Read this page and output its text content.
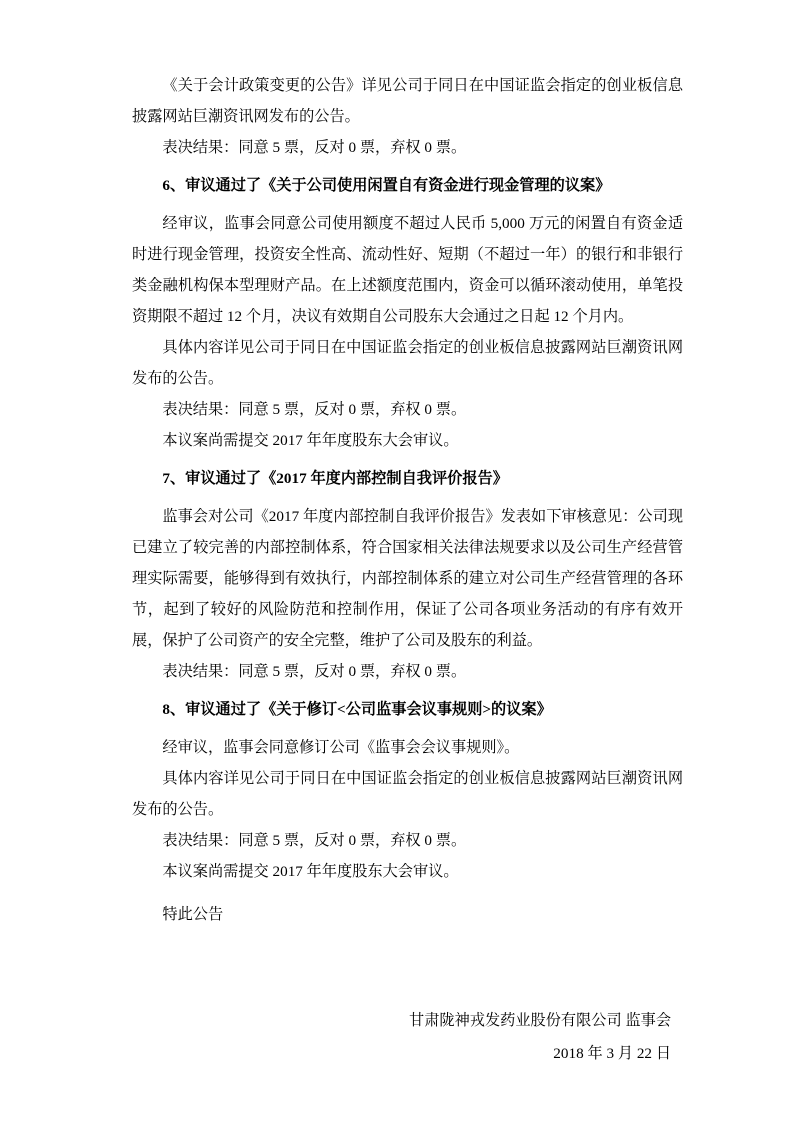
《关于会计政策变更的公告》详见公司于同日在中国证监会指定的创业板信息披露网站巨潮资讯网发布的公告。

表决结果：同意 5 票，反对 0 票，弃权 0 票。

6、审议通过了《关于公司使用闲置自有资金进行现金管理的议案》

经审议，监事会同意公司使用额度不超过人民币 5,000 万元的闲置自有资金适时进行现金管理，投资安全性高、流动性好、短期（不超过一年）的银行和非银行类金融机构保本型理财产品。在上述额度范围内，资金可以循环滚动使用，单笔投资期限不超过 12 个月，决议有效期自公司股东大会通过之日起 12 个月内。

具体内容详见公司于同日在中国证监会指定的创业板信息披露网站巨潮资讯网发布的公告。

表决结果：同意 5 票，反对 0 票，弃权 0 票。

本议案尚需提交 2017 年年度股东大会审议。

7、审议通过了《2017 年度内部控制自我评价报告》

监事会对公司《2017 年度内部控制自我评价报告》发表如下审核意见：公司现已建立了较完善的内部控制体系，符合国家相关法律法规要求以及公司生产经营管理实际需要，能够得到有效执行，内部控制体系的建立对公司生产经营管理的各环节，起到了较好的风险防范和控制作用，保证了公司各项业务活动的有序有效开展，保护了公司资产的安全完整，维护了公司及股东的利益。

表决结果：同意 5 票，反对 0 票，弃权 0 票。

8、审议通过了《关于修订<公司监事会议事规则>的议案》

经审议，监事会同意修订公司《监事会会议事规则》。

具体内容详见公司于同日在中国证监会指定的创业板信息披露网站巨潮资讯网发布的公告。

表决结果：同意 5 票，反对 0 票，弃权 0 票。

本议案尚需提交 2017 年年度股东大会审议。

特此公告

甘肃陇神戎发药业股份有限公司 监事会
2018 年 3 月 22 日
